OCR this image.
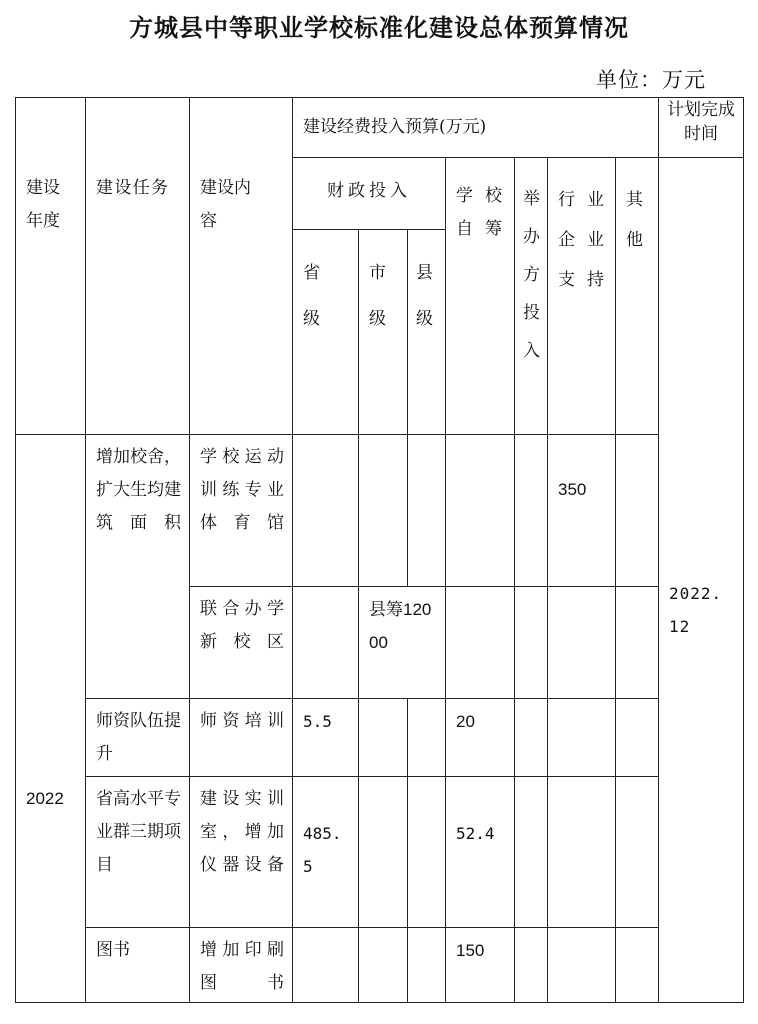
方城县中等职业学校标准化建设总体预算情况
单位：万元
建设年度	建设任务	建设内容	建设经费投入预算(万元)							计划完成时间

			财政投入			学校自筹	举办方投入	行业企业支持	其他	2022.12

			省级	市级	县级					

2022	增加校舍，扩大生均建筑面积	学校运动训练专业体育馆						350		

		联合办学新校区		县筹12000						

	师资队伍提升	师资培训	5.5			20				

	省高水平专业群三期项目	建设实训室，增加仪器设备	485.5			52.4				

	图书	增加印刷图书				150				
